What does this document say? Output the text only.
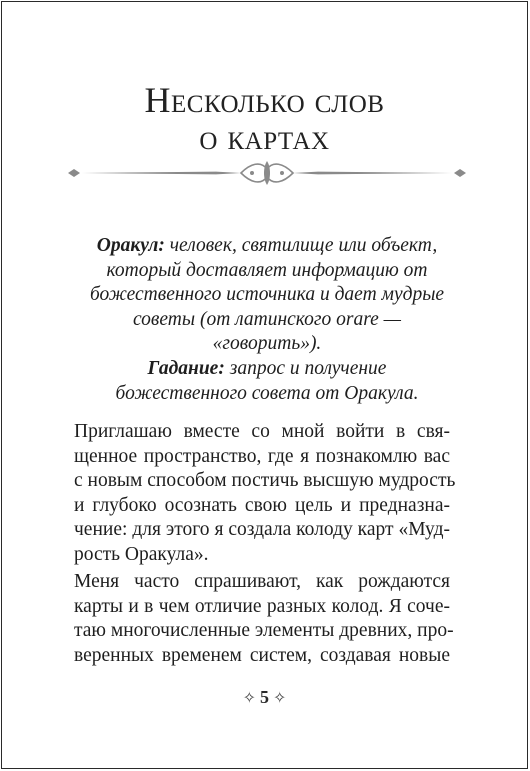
Несколько слов
о картах
Оракул: человек, святилище или объект,
который доставляет информацию от
божественного источника и дает мудрые
советы (от латинского orare —
«говорить»).
Гадание: запрос и получение
божественного совета от Оракула.
Приглашаю вместе со мной войти в свя-
щенное пространство, где я познакомлю вас
с новым способом постичь высшую мудрость
и глубоко осознать свою цель и предназна-
чение: для этого я создала колоду карт «Муд-
рость Оракула».
Меня часто спрашивают, как рождаются
карты и в чем отличие разных колод. Я сочe-
таю многочисленные элементы древних, про-
веренных временем систем, создавая новые
✧ 5 ✧
